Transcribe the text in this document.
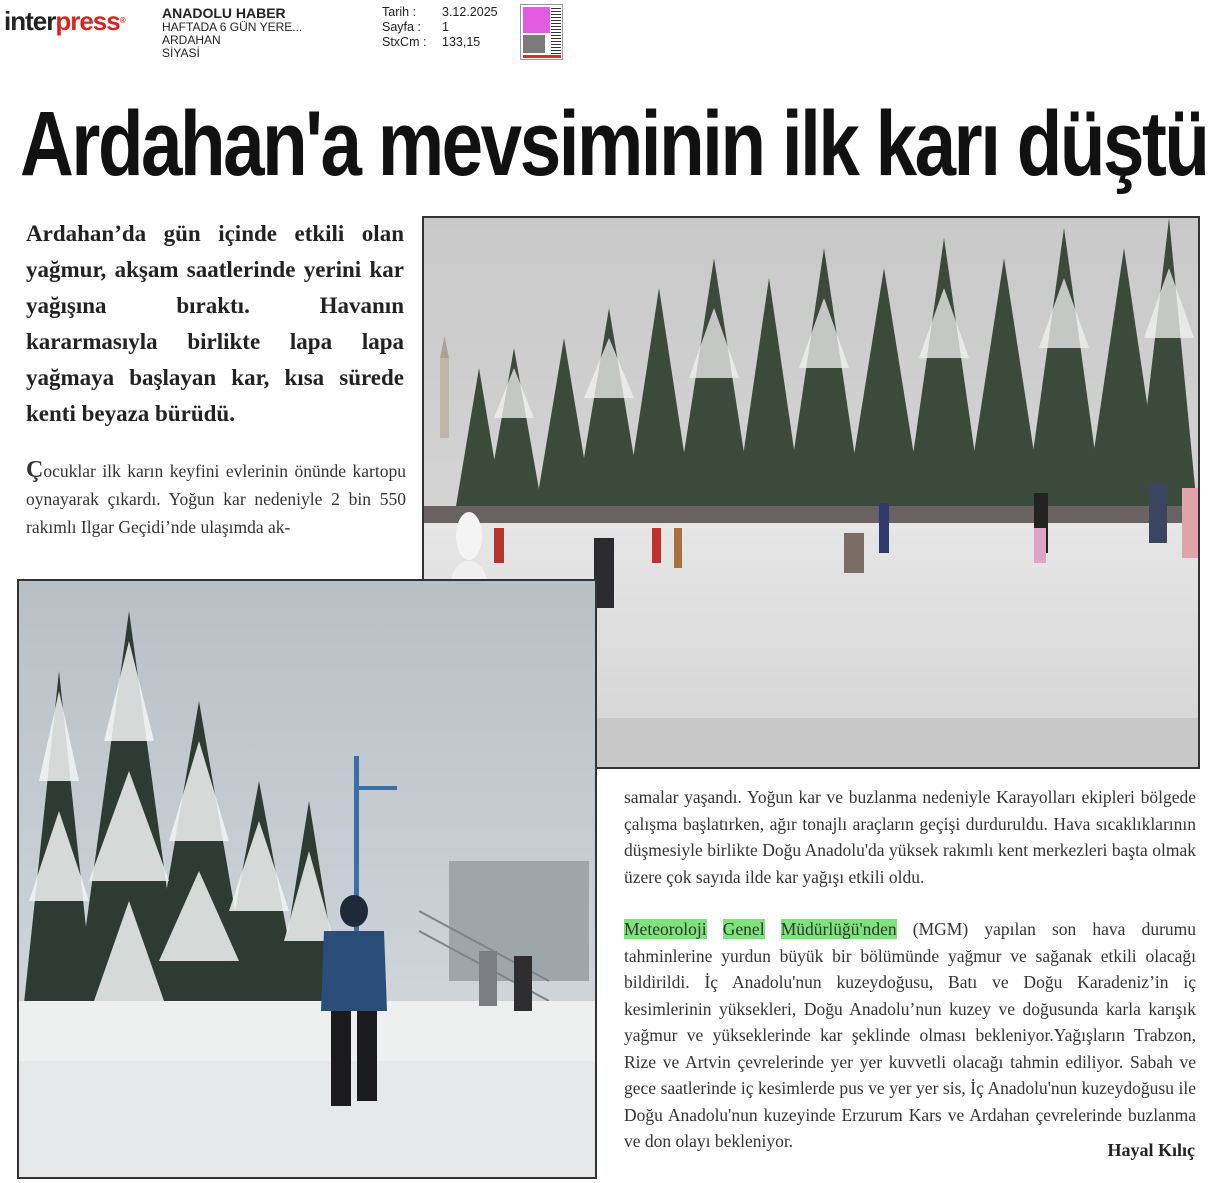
interpress®	ANADOLU HABER
HAFTADA 6 GÜN YERE...
ARDAHAN
SİYASİ
Tarih :	3.12.2025
Sayfa :	1
StxCm :	133,15
Ardahan'a mevsiminin ilk karı düştü
Ardahan’da gün içinde etkili olan yağmur, akşam saatlerinde yerini kar yağışına bıraktı. Havanın kararmasıyla birlikte lapa lapa yağmaya başlayan kar, kısa sürede kenti beyaza bürüdü.
Çocuklar ilk karın keyfini evlerinin önünde kartopu oynayarak çıkardı. Yoğun kar nedeniyle 2 bin 550 rakımlı Ilgar Geçidi’nde ulaşımda ak-

samalar yaşandı. Yoğun kar ve buzlanma nedeniyle Karayolları ekipleri bölgede çalışma başlatırken, ağır tonajlı araçların geçişi durduruldu. Hava sıcaklıklarının düşmesiyle birlikte Doğu Anadolu'da yüksek rakımlı kent merkezleri başta olmak üzere çok sayıda ilde kar yağışı etkili oldu.

Meteoroloji Genel Müdürlüğü'nden (MGM) yapılan son hava durumu tahminlerine yurdun büyük bir bölümünde yağmur ve sağanak etkili olacağı bildirildi. İç Anadolu'nun kuzeydoğusu, Batı ve Doğu Karadeniz’in iç kesimlerinin yüksekleri, Doğu Anadolu’nun kuzey ve doğusunda karla karışık yağmur ve yükseklerinde kar şeklinde olması bekleniyor.Yağışların Trabzon, Rize ve Artvin çevrelerinde yer yer kuvvetli olacağı tahmin ediliyor. Sabah ve gece saatlerinde iç kesimlerde pus ve yer yer sis, İç Anadolu'nun kuzeydoğusu ile Doğu Anadolu'nun kuzeyinde Erzurum Kars ve Ardahan çevrelerinde buzlanma ve don olayı bekleniyor.	Hayal Kılıç
